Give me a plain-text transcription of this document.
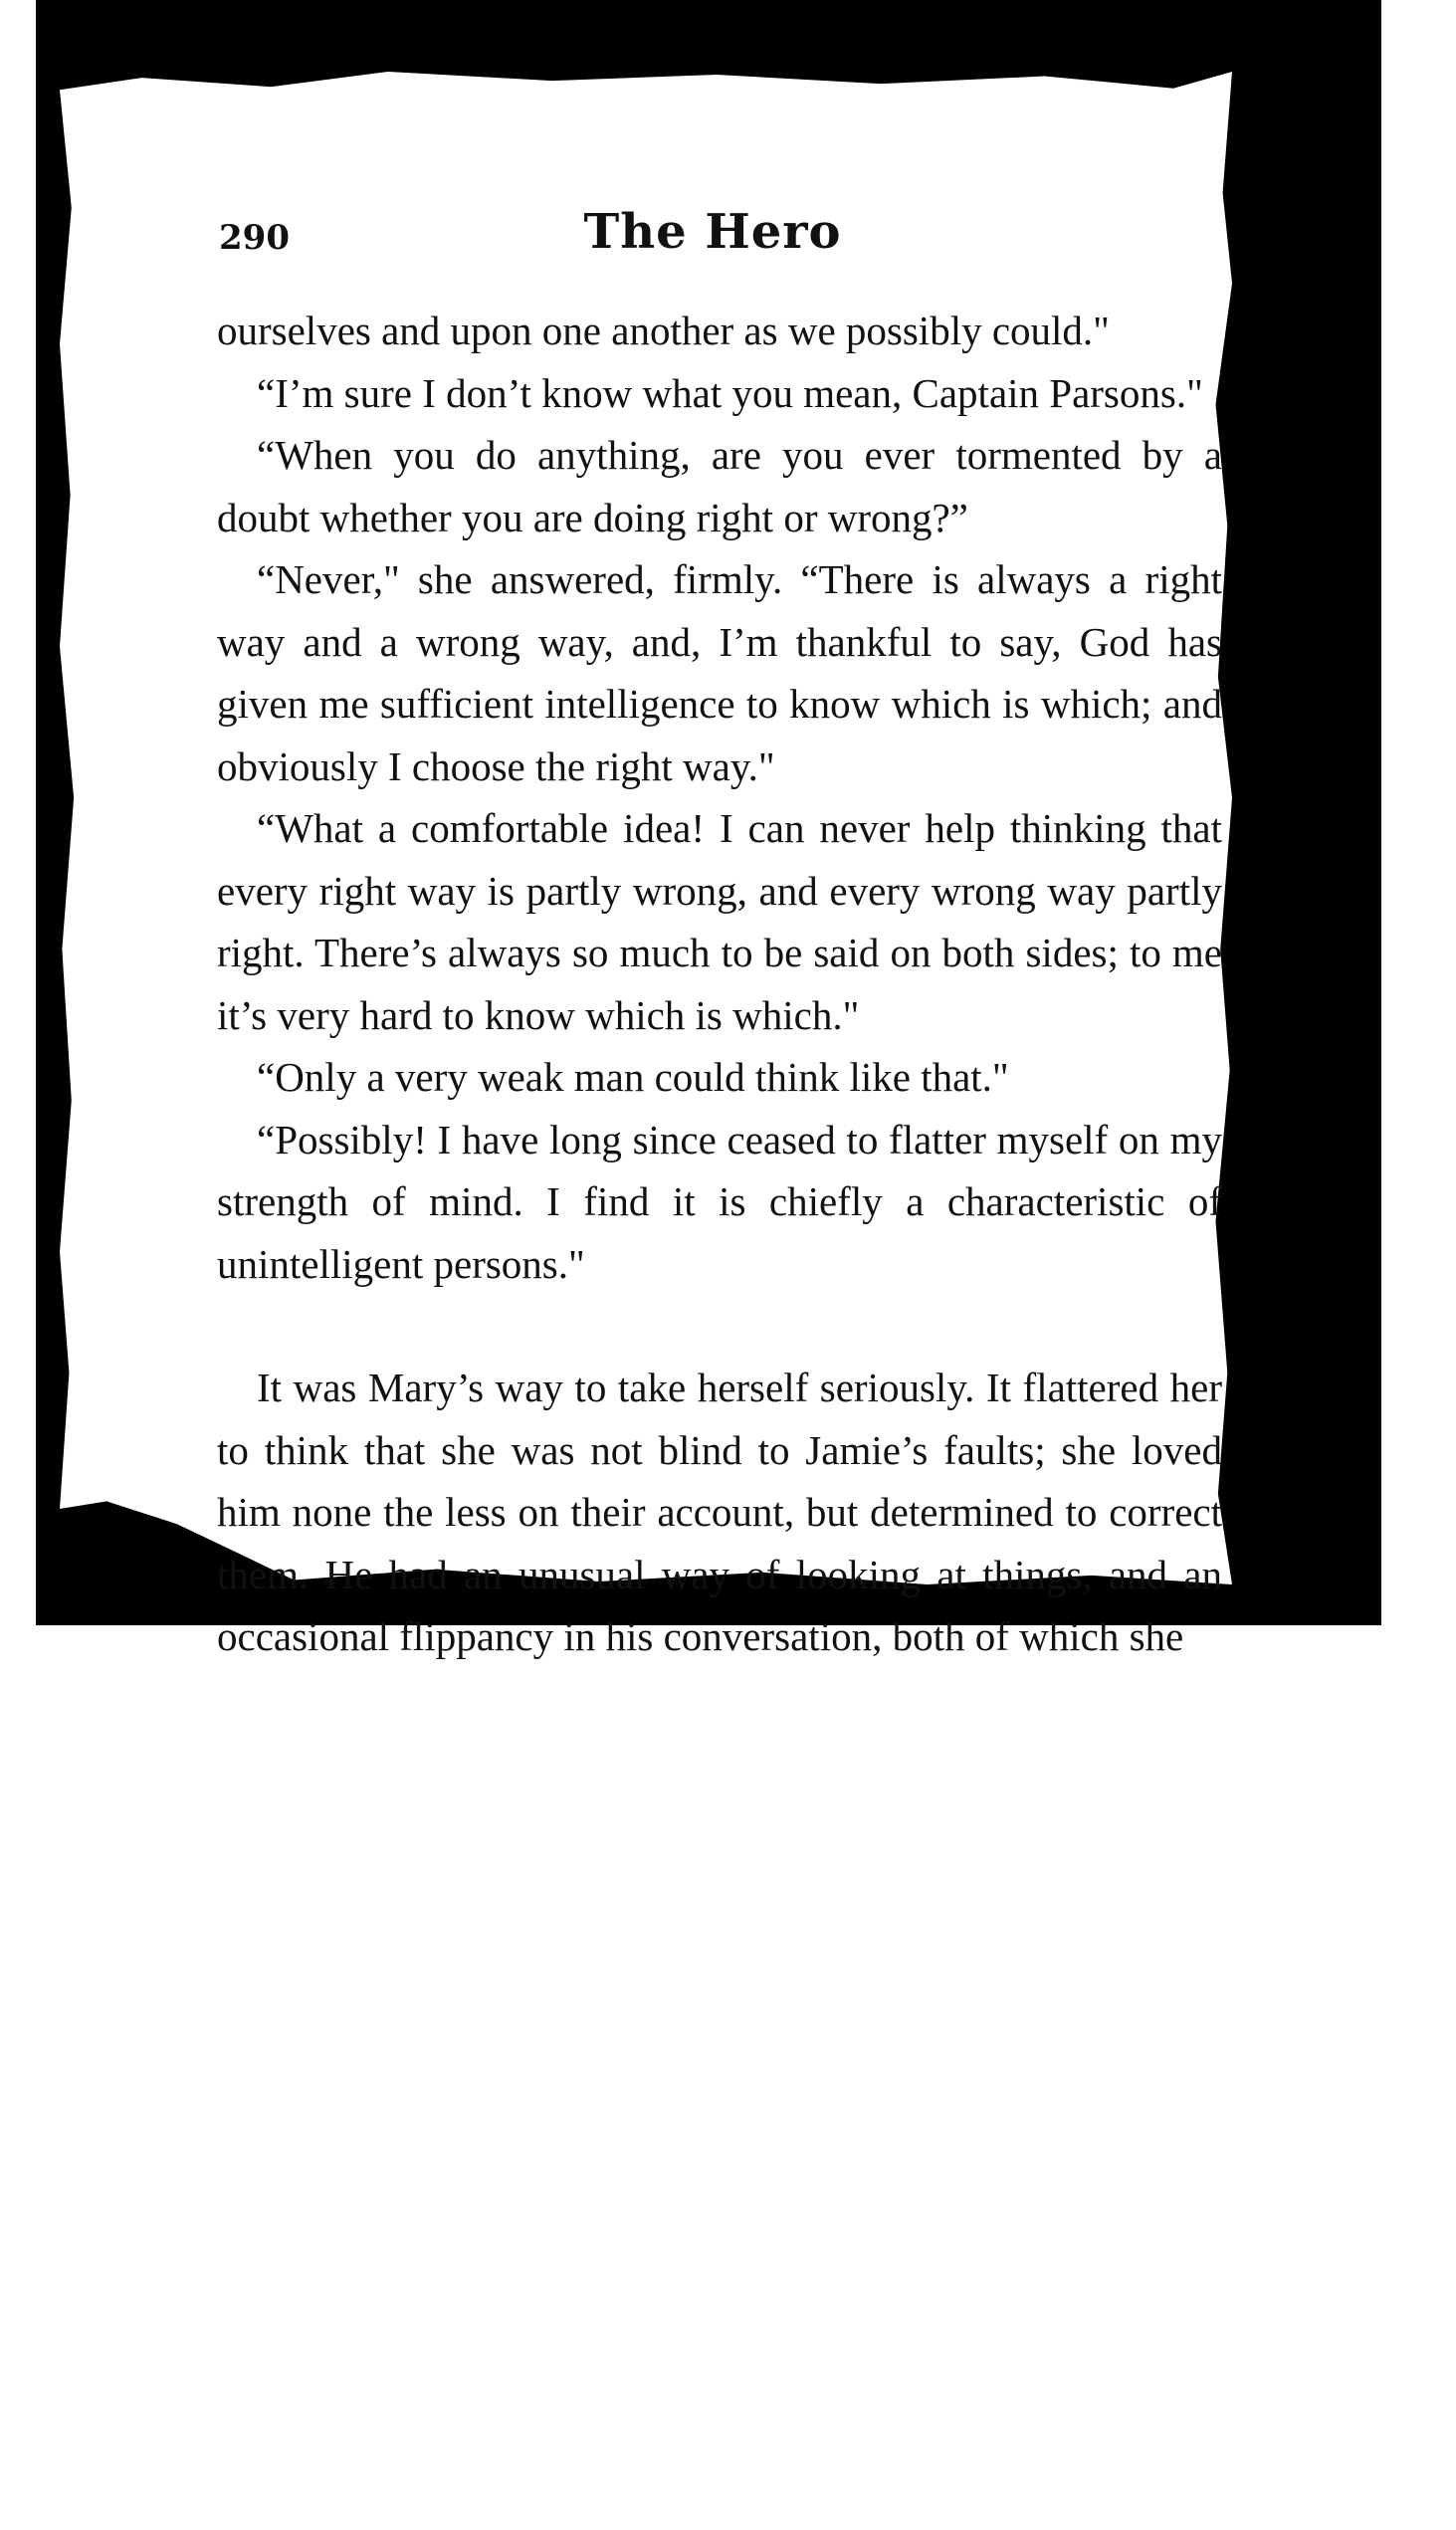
290	The Hero

ourselves and upon one another as we possibly could."

“I’m sure I don’t know what you mean, Captain Parsons."

“When you do anything, are you ever tormented by a doubt whether you are doing right or wrong?”

“Never," she answered, firmly. “There is always a right way and a wrong way, and, I’m thankful to say, God has given me sufficient intelligence to know which is which; and obviously I choose the right way."

“What a comfortable idea! I can never help thinking that every right way is partly wrong, and every wrong way partly right. There’s always so much to be said on both sides; to me it’s very hard to know which is which."

“Only a very weak man could think like that."

“Possibly! I have long since ceased to flatter myself on my strength of mind. I find it is chiefly a characteristic of unintelligent persons."

It was Mary’s way to take herself seriously. It flattered her to think that she was not blind to Jamie’s faults; she loved him none the less on their account, but determined to correct them. He had an unusual way of looking at things, and an occasional flippancy in his conversation, both of which she
